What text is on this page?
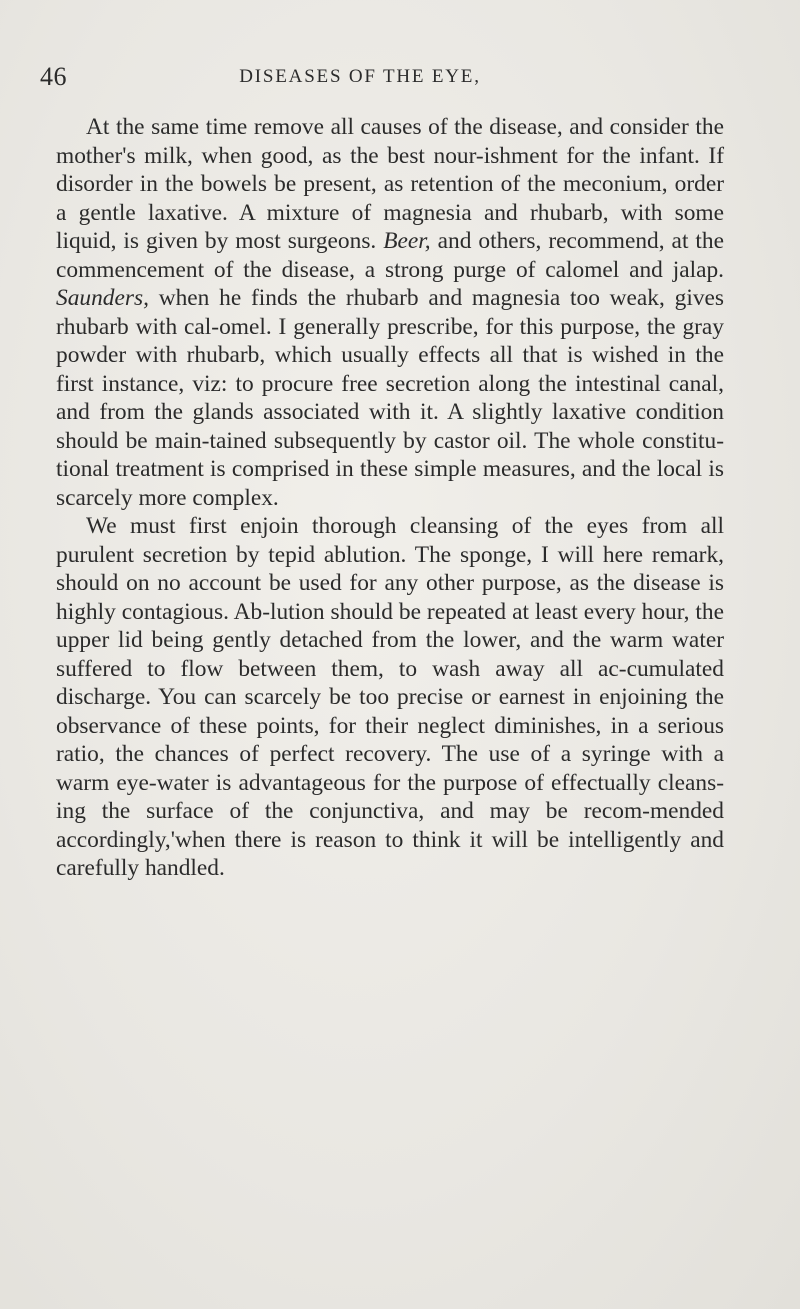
46	DISEASES OF THE EYE,

At the same time remove all causes of the disease, and consider the mother's milk, when good, as the best nour-ishment for the infant. If disorder in the bowels be present, as retention of the meconium, order a gentle laxative. A mixture of magnesia and rhubarb, with some liquid, is given by most surgeons. Beer, and others, recommend, at the commencement of the disease, a strong purge of calomel and jalap. Saunders, when he finds the rhubarb and magnesia too weak, gives rhubarb with cal-omel. I generally prescribe, for this purpose, the gray powder with rhubarb, which usually effects all that is wished in the first instance, viz: to procure free secretion along the intestinal canal, and from the glands associated with it. A slightly laxative condition should be main-tained subsequently by castor oil. The whole constitu-tional treatment is comprised in these simple measures, and the local is scarcely more complex.

We must first enjoin thorough cleansing of the eyes from all purulent secretion by tepid ablution. The sponge, I will here remark, should on no account be used for any other purpose, as the disease is highly contagious. Ab-lution should be repeated at least every hour, the upper lid being gently detached from the lower, and the warm water suffered to flow between them, to wash away all ac-cumulated discharge. You can scarcely be too precise or earnest in enjoining the observance of these points, for their neglect diminishes, in a serious ratio, the chances of perfect recovery. The use of a syringe with a warm eye-water is advantageous for the purpose of effectually cleans-ing the surface of the conjunctiva, and may be recom-mended accordingly,'when there is reason to think it will be intelligently and carefully handled.
